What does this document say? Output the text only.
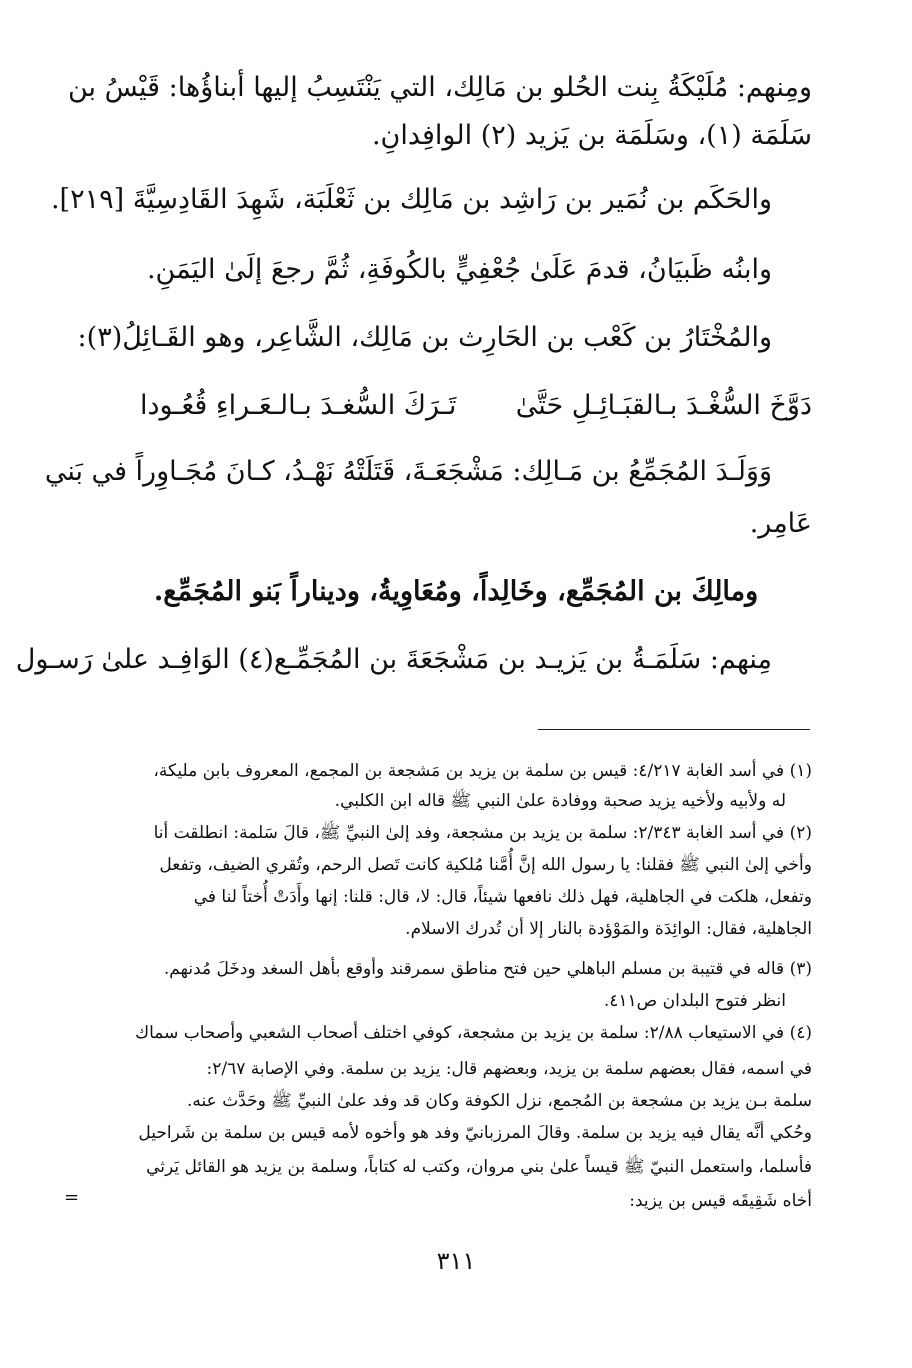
ومِنهم: مُلَيْكَةُ بِنت الحُلو بن مَالِك، التي يَنْتَسِبُ إليها أبناؤُها: قَيْسُ بن
سَلَمَة (١)، وسَلَمَة بن يَزيد (٢) الوافِدانِ.
والحَكَم بن نُمَير بن رَاشِد بن مَالِك بن ثَعْلَبَة، شَهِدَ القَادِسِيَّةَ [٢١٩].
وابنُه ظَبيَانُ، قدمَ عَلَىٰ جُعْفِيٍّ بالكُوفَةِ، ثُمَّ رجعَ إلَىٰ اليَمَنِ.
والمُخْتَارُ بن كَعْب بن الحَارِث بن مَالِك، الشَّاعِر، وهو القَـائِلُ(٣):
دَوَّخَ السُّغْـدَ بـالقبَـائِـلِ حَتَّىٰ
تَـرَكَ السُّغـدَ بـالـعَـراءِ قُعُـودا
وَوَلَـدَ المُجَمِّعُ بن مَـالِك: مَشْجَعَـةَ، قَتَلَتْهُ نَهْـدُ، كـانَ مُجَـاوِراً في بَني
عَامِر.
ومالِكَ بن المُجَمِّع، وخَالِداً، ومُعَاوِيةُ، وديناراً بَنو المُجَمِّع.
مِنهم: سَلَمَـةُ بن يَزيـد بن مَشْجَعَةَ بن المُجَمِّـع(٤) الوَافِـد علىٰ رَسـول
(١) في أسد الغابة ٤/٢١٧: قيس بن سلمة بن يزيد بن مَشجعة بن المجمع، المعروف بابن مليكة،
له ولأبيه ولأخيه يزيد صحبة ووفادة علىٰ النبي ﷺ قاله ابن الكلبي.
(٢) في أسد الغابة ٢/٣٤٣: سلمة بن يزيد بن مشجعة، وفد إلىٰ النبيِّ ﷺ، قالَ سَلمة: انطلقت أنا
وأخي إلىٰ النبي ﷺ فقلنا: يا رسول الله إنَّ أُمَّنا مُلكية كانت تَصل الرحم، وتُقري الضيف، وتفعل
وتفعل، هلكت في الجاهلية، فهل ذلك نافعها شيئاً، قال: لا، قال: قلنا: إنها وأَدَتْ أُختاً لنا في
الجاهلية، فقال: الوائِدَة والمَوْؤدة بالنار إلا أن تُدرك الاسلام.
(٣) قاله في قتيبة بن مسلم الباهلي حين فتح مناطق سمرقند وأوقع بأهل السغد ودخَلَ مُدنهم.
انظر فتوح البلدان ص٤١١.
(٤) في الاستيعاب ٢/٨٨: سلمة بن يزيد بن مشجعة، كوفي اختلف أصحاب الشعبي وأصحاب سماك
في اسمه، فقال بعضهم سلمة بن يزيد، وبعضهم قال: يزيد بن سلمة. وفي الإصابة ٢/٦٧:
سلمة بـن يزيد بن مشجعة بن المُجمع، نزل الكوفة وكان قد وفد علىٰ النبيِّ ﷺ وحَدَّث عنه.
وحُكي أنَّه يقال فيه يزيد بن سلمة. وقالَ المرزبانيّ وفد هو وأخوه لأمه قيس بن سلمة بن شَراحيل
فأسلما، واستعمل النبيّ ﷺ قيساً علىٰ بني مروان، وكتب له كتاباً، وسلمة بن يزيد هو القائل يَرثي
أخاه شَقِيقَه قيس بن يزيد:
=
٣١١
